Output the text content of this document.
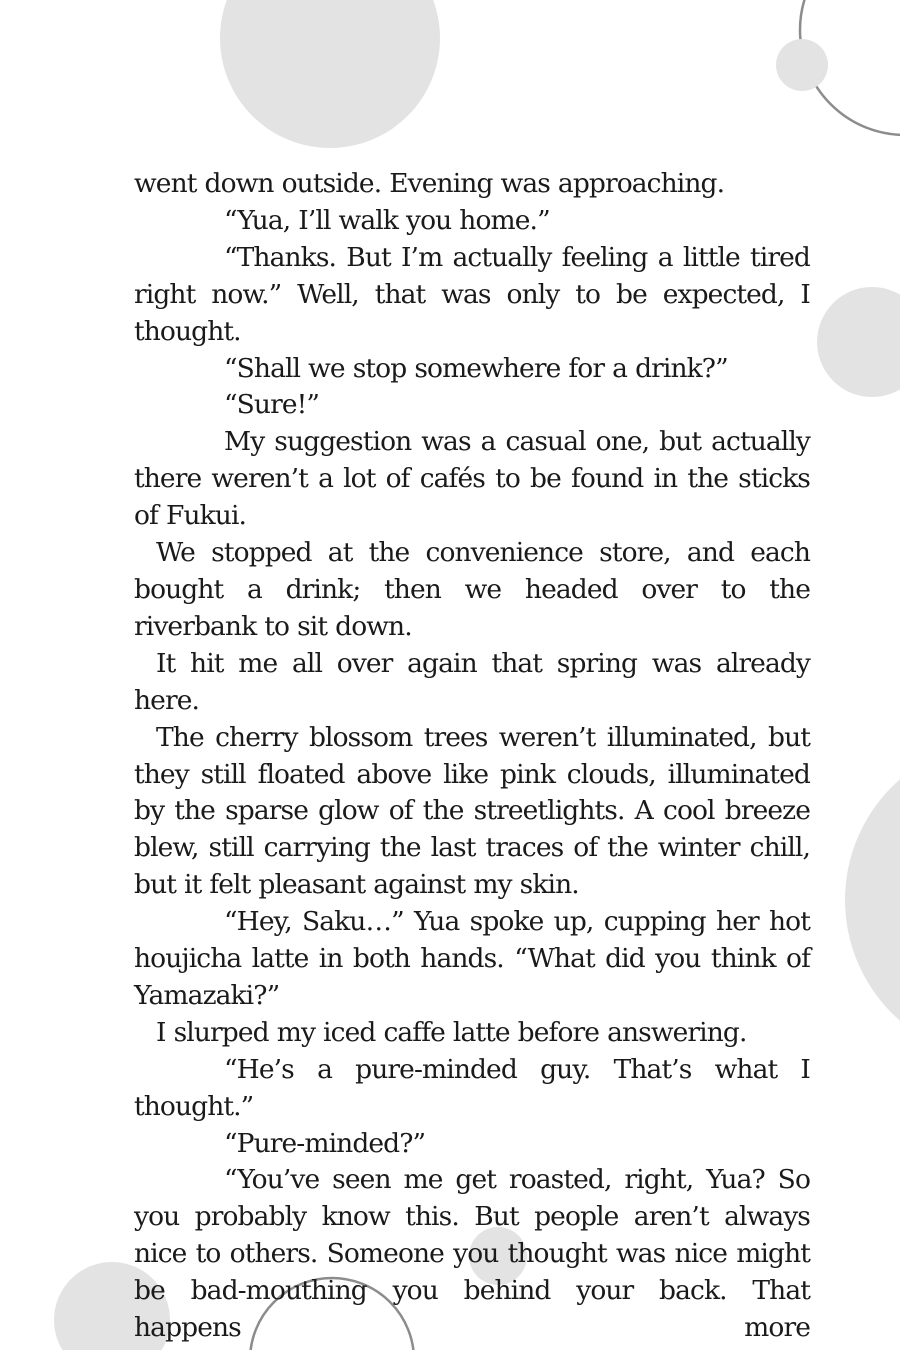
went down outside. Evening was approaching.

“Yua, I’ll walk you home.”

“Thanks. But I’m actually feeling a little tired right now.” Well, that was only to be expected, I thought.

“Shall we stop somewhere for a drink?”

“Sure!”

My suggestion was a casual one, but actually there weren’t a lot of cafés to be found in the sticks of Fukui.

We stopped at the convenience store, and each bought a drink; then we headed over to the riverbank to sit down.

It hit me all over again that spring was already here.

The cherry blossom trees weren’t illuminated, but they still floated above like pink clouds, illuminated by the sparse glow of the streetlights. A cool breeze blew, still carrying the last traces of the winter chill, but it felt pleasant against my skin.

“Hey, Saku…” Yua spoke up, cupping her hot houjicha latte in both hands. “What did you think of Yamazaki?”

I slurped my iced caffe latte before answering.

“He’s a pure-minded guy. That’s what I thought.”

“Pure-minded?”

“You’ve seen me get roasted, right, Yua? So you probably know this. But people aren’t always nice to others. Someone you thought was nice might be bad-mouthing you behind your back. That happens more
